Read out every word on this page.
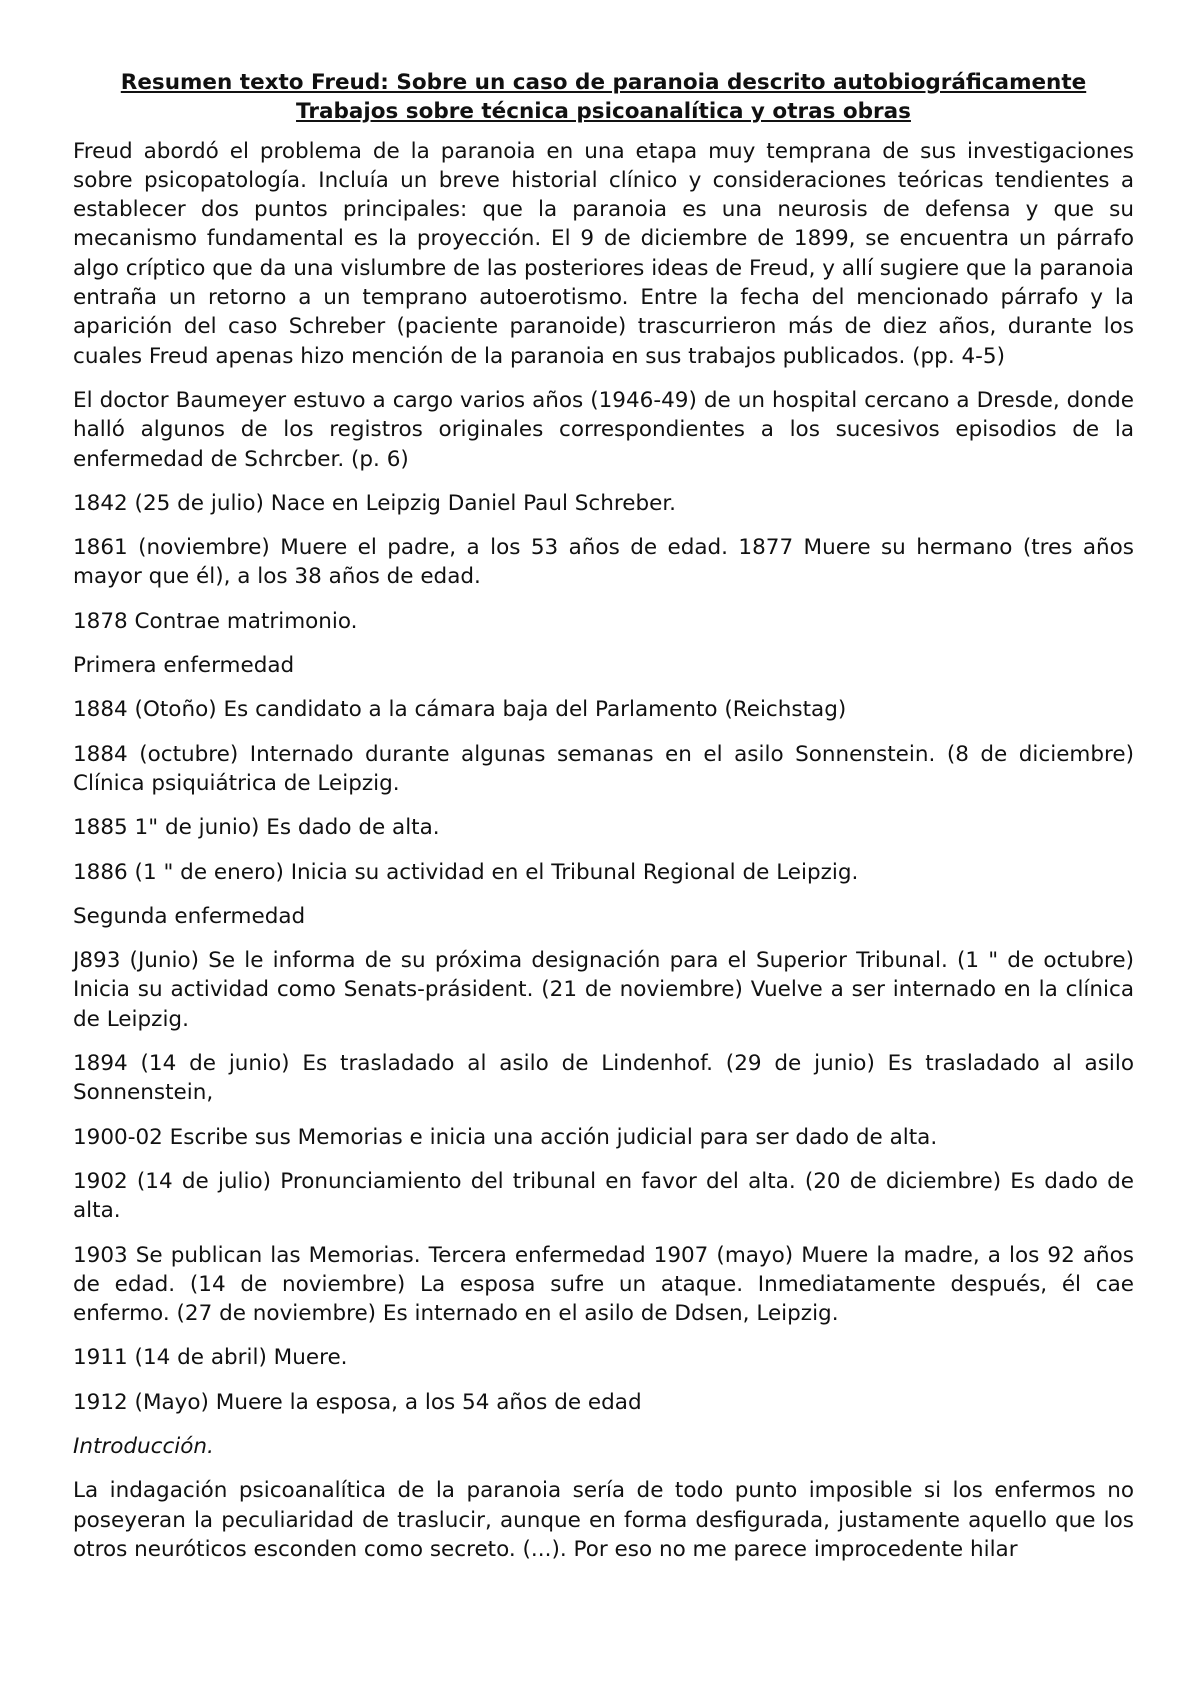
Resumen texto Freud: Sobre un caso de paranoia descrito autobiográficamente
Trabajos sobre técnica psicoanalítica y otras obras

Freud abordó el problema de la paranoia en una etapa muy temprana de sus investigaciones sobre psicopatología. Incluía un breve historial clínico y consideraciones teóricas tendientes a establecer dos puntos principales: que la paranoia es una neurosis de defensa y que su mecanismo fundamental es la proyección. El 9 de diciembre de 1899, se encuentra un párrafo algo críptico que da una vislumbre de las posteriores ideas de Freud, y allí sugiere que la paranoia entraña un retorno a un temprano autoerotismo. Entre la fecha del mencionado párrafo y la aparición del caso Schreber (paciente paranoide) trascurrieron más de diez años, durante los cuales Freud apenas hizo mención de la paranoia en sus trabajos publicados. (pp. 4-5)

El doctor Baumeyer estuvo a cargo varios años (1946-49) de un hospital cercano a Dresde, donde halló algunos de los registros originales correspondientes a los sucesivos episodios de la enfermedad de Schrcber. (p. 6)

1842 (25 de julio) Nace en Leipzig Daniel Paul Schreber.

1861 (noviembre) Muere el padre, a los 53 años de edad. 1877 Muere su hermano (tres años mayor que él), a los 38 años de edad.

1878 Contrae matrimonio.

Primera enfermedad

1884 (Otoño) Es candidato a la cámara baja del Parlamento (Reichstag)

1884 (octubre) Internado durante algunas semanas en el asilo Sonnenstein. (8 de diciembre) Clínica psiquiátrica de Leipzig.

1885 1" de junio) Es dado de alta.

1886 (1 " de enero) Inicia su actividad en el Tribunal Regional de Leipzig.

Segunda enfermedad

J893 (Junio) Se le informa de su próxima designación para el Superior Tribunal. (1 " de octubre) Inicia su actividad como Senats-prásident. (21 de noviembre) Vuelve a ser internado en la clínica de Leipzig.

1894 (14 de junio) Es trasladado al asilo de Lindenhof. (29 de junio) Es trasladado al asilo Sonnenstein,

1900-02 Escribe sus Memorias e inicia una acción judicial para ser dado de alta.

1902 (14 de julio) Pronunciamiento del tribunal en favor del alta. (20 de diciembre) Es dado de alta.

1903 Se publican las Memorias. Tercera enfermedad 1907 (mayo) Muere la madre, a los 92 años de edad. (14 de noviembre) La esposa sufre un ataque. Inmediatamente después, él cae enfermo. (27 de noviembre) Es internado en el asilo de Ddsen, Leipzig.

1911 (14 de abril) Muere.

1912 (Mayo) Muere la esposa, a los 54 años de edad

Introducción.

La indagación psicoanalítica de la paranoia sería de todo punto imposible si los enfermos no poseyeran la peculiaridad de traslucir, aunque en forma desfigurada, justamente aquello que los otros neuróticos esconden como secreto. (...). Por eso no me parece improcedente hilar
